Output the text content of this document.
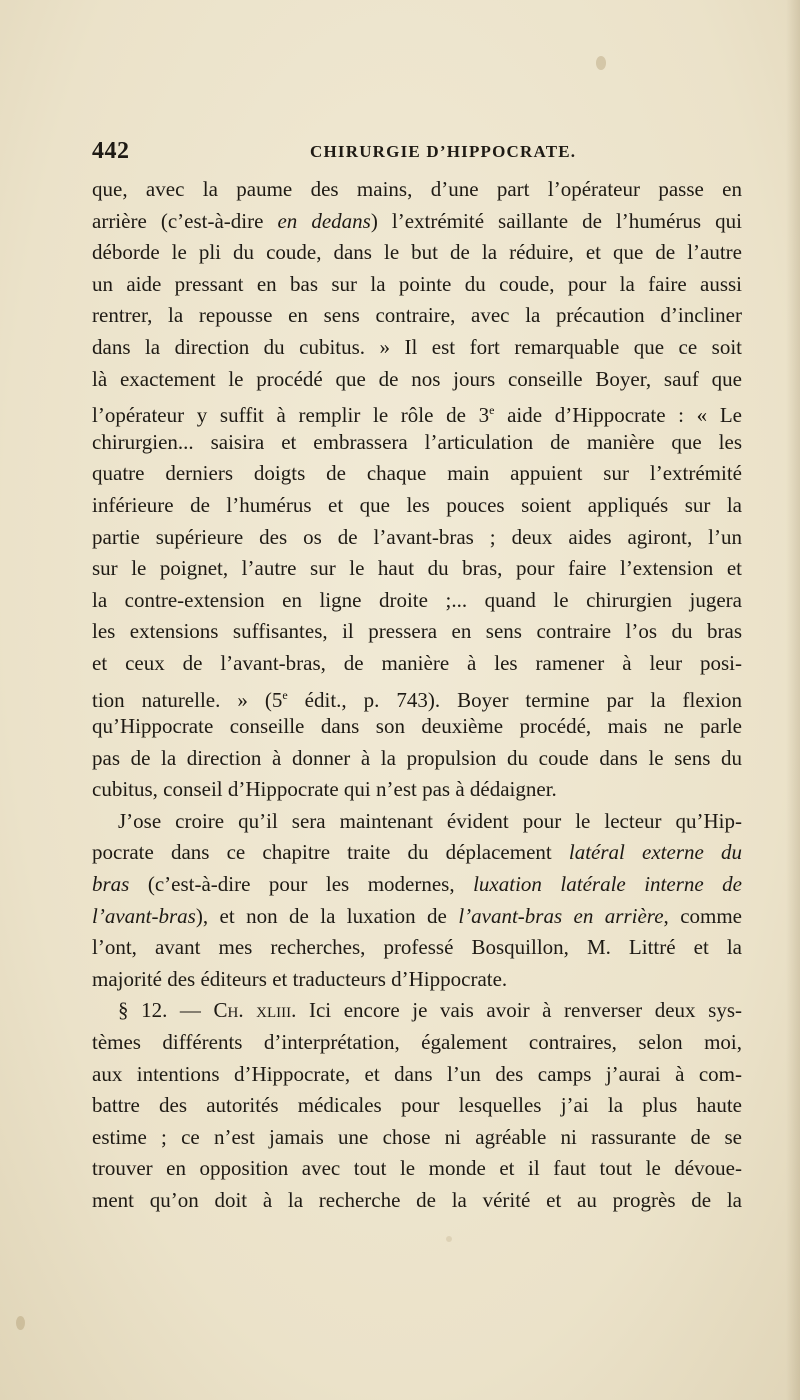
442	CHIRURGIE D’HIPPOCRATE.
que, avec la paume des mains, d’une part l’opérateur passe en
arrière (c’est-à-dire en dedans) l’extrémité saillante de l’humérus qui
déborde le pli du coude, dans le but de la réduire, et que de l’autre
un aide pressant en bas sur la pointe du coude, pour la faire aussi
rentrer, la repousse en sens contraire, avec la précaution d’incliner
dans la direction du cubitus. » Il est fort remarquable que ce soit
là exactement le procédé que de nos jours conseille Boyer, sauf que
l’opérateur y suffit à remplir le rôle de 3e aide d’Hippocrate : « Le
chirurgien... saisira et embrassera l’articulation de manière que les
quatre derniers doigts de chaque main appuient sur l’extrémité
inférieure de l’humérus et que les pouces soient appliqués sur la
partie supérieure des os de l’avant-bras ; deux aides agiront, l’un
sur le poignet, l’autre sur le haut du bras, pour faire l’extension et
la contre-extension en ligne droite ;... quand le chirurgien jugera
les extensions suffisantes, il pressera en sens contraire l’os du bras
et ceux de l’avant-bras, de manière à les ramener à leur posi-
tion naturelle. » (5e édit., p. 743). Boyer termine par la flexion
qu’Hippocrate conseille dans son deuxième procédé, mais ne parle
pas de la direction à donner à la propulsion du coude dans le sens du
cubitus, conseil d’Hippocrate qui n’est pas à dédaigner.
J’ose croire qu’il sera maintenant évident pour le lecteur qu’Hip-
pocrate dans ce chapitre traite du déplacement latéral externe du
bras (c’est-à-dire pour les modernes, luxation latérale interne de
l’avant-bras), et non de la luxation de l’avant-bras en arrière, comme
l’ont, avant mes recherches, professé Bosquillon, M. Littré et la
majorité des éditeurs et traducteurs d’Hippocrate.
§ 12. — Ch. xliii. Ici encore je vais avoir à renverser deux sys-
tèmes différents d’interprétation, également contraires, selon moi,
aux intentions d’Hippocrate, et dans l’un des camps j’aurai à com-
battre des autorités médicales pour lesquelles j’ai la plus haute
estime ; ce n’est jamais une chose ni agréable ni rassurante de se
trouver en opposition avec tout le monde et il faut tout le dévoue-
ment qu’on doit à la recherche de la vérité et au progrès de la
